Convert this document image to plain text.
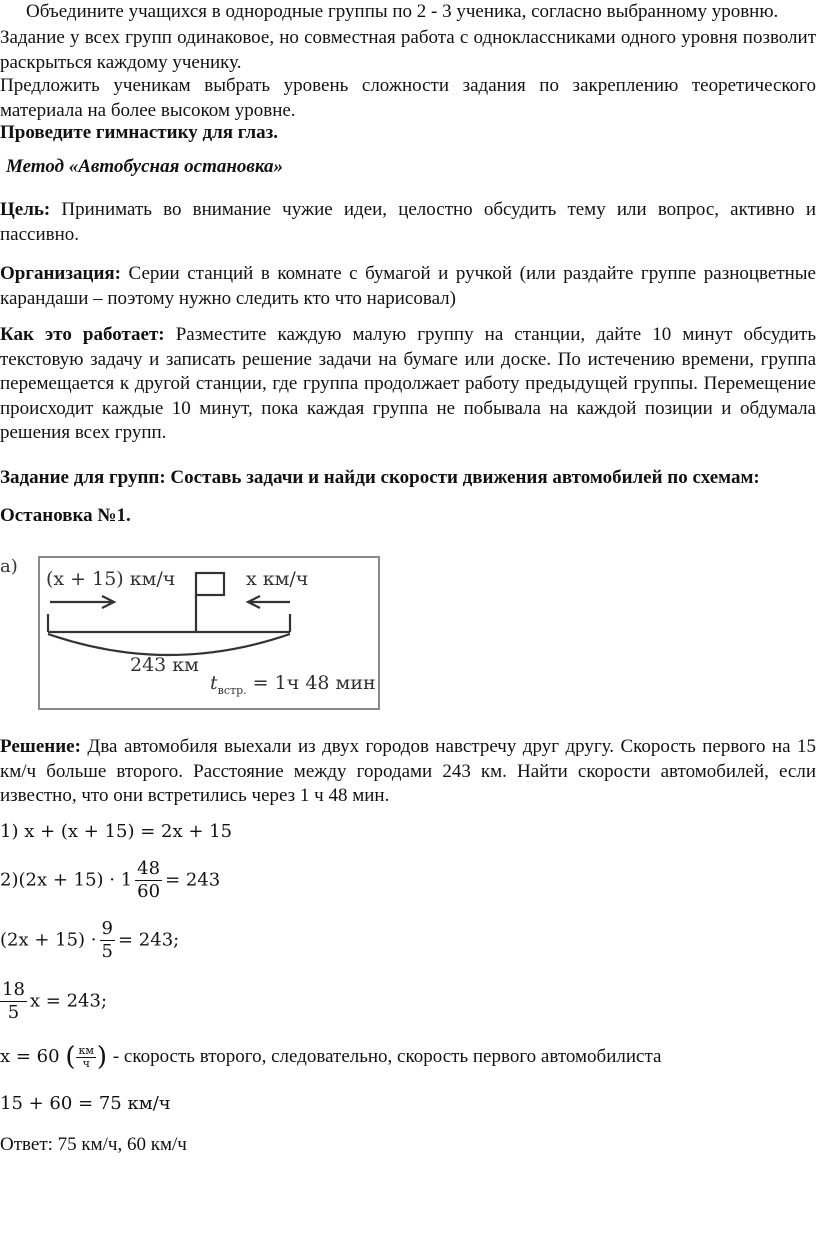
Объедините учащихся в однородные группы по 2 - 3 ученика, согласно выбранному уровню.

Задание у всех групп одинаковое, но совместная работа с одноклассниками одного уровня позволит раскрыться каждому ученику.

Предложить ученикам выбрать уровень сложности задания по закреплению теоретического материала на более высоком уровне.

Проведите гимнастику для глаз.

Метод «Автобусная остановка»

Цель: Принимать во внимание чужие идеи, целостно обсудить тему или вопрос, активно и пассивно.

Организация: Серии станций в комнате с бумагой и ручкой (или раздайте группе разноцветные карандаши – поэтому нужно следить кто что нарисовал)

Как это работает: Разместите каждую малую группу на станции, дайте 10 минут обсудить текстовую задачу и записать решение задачи на бумаге или доске. По истечению времени, группа перемещается к другой станции, где группа продолжает работу предыдущей группы. Перемещение происходит каждые 10 минут, пока каждая группа не побывала на каждой позиции и обдумала решения всех групп.

Задание для групп: Составь задачи и найди скорости движения автомобилей по схемам:

Остановка №1.

а)
(x + 15) км/ч	x км/ч
243 км
$t_{встр.} = 1ч$ 48 мин

Решение: Два автомобиля выехали из двух городов навстречу друг другу. Скорость первого на 15 км/ч больше второго. Расстояние между городами 243 км. Найти скорости автомобилей, если известно, что они встретились через 1 ч 48 мин.

1) x + (x + 15) = 2x + 15
$2)(2x + 15) \cdot 1 \frac{48}{60} = 243$
$(2x + 15) \cdot \frac{9}{5} = 243$;
$\frac{18}{5}$ x = 243;
x = 60 ( $\frac{км}{ч}$ ) - скорость второго, следовательно, скорость первого автомобилиста
15 + 60 = 75 км/ч

Ответ: 75 км/ч, 60 км/ч
